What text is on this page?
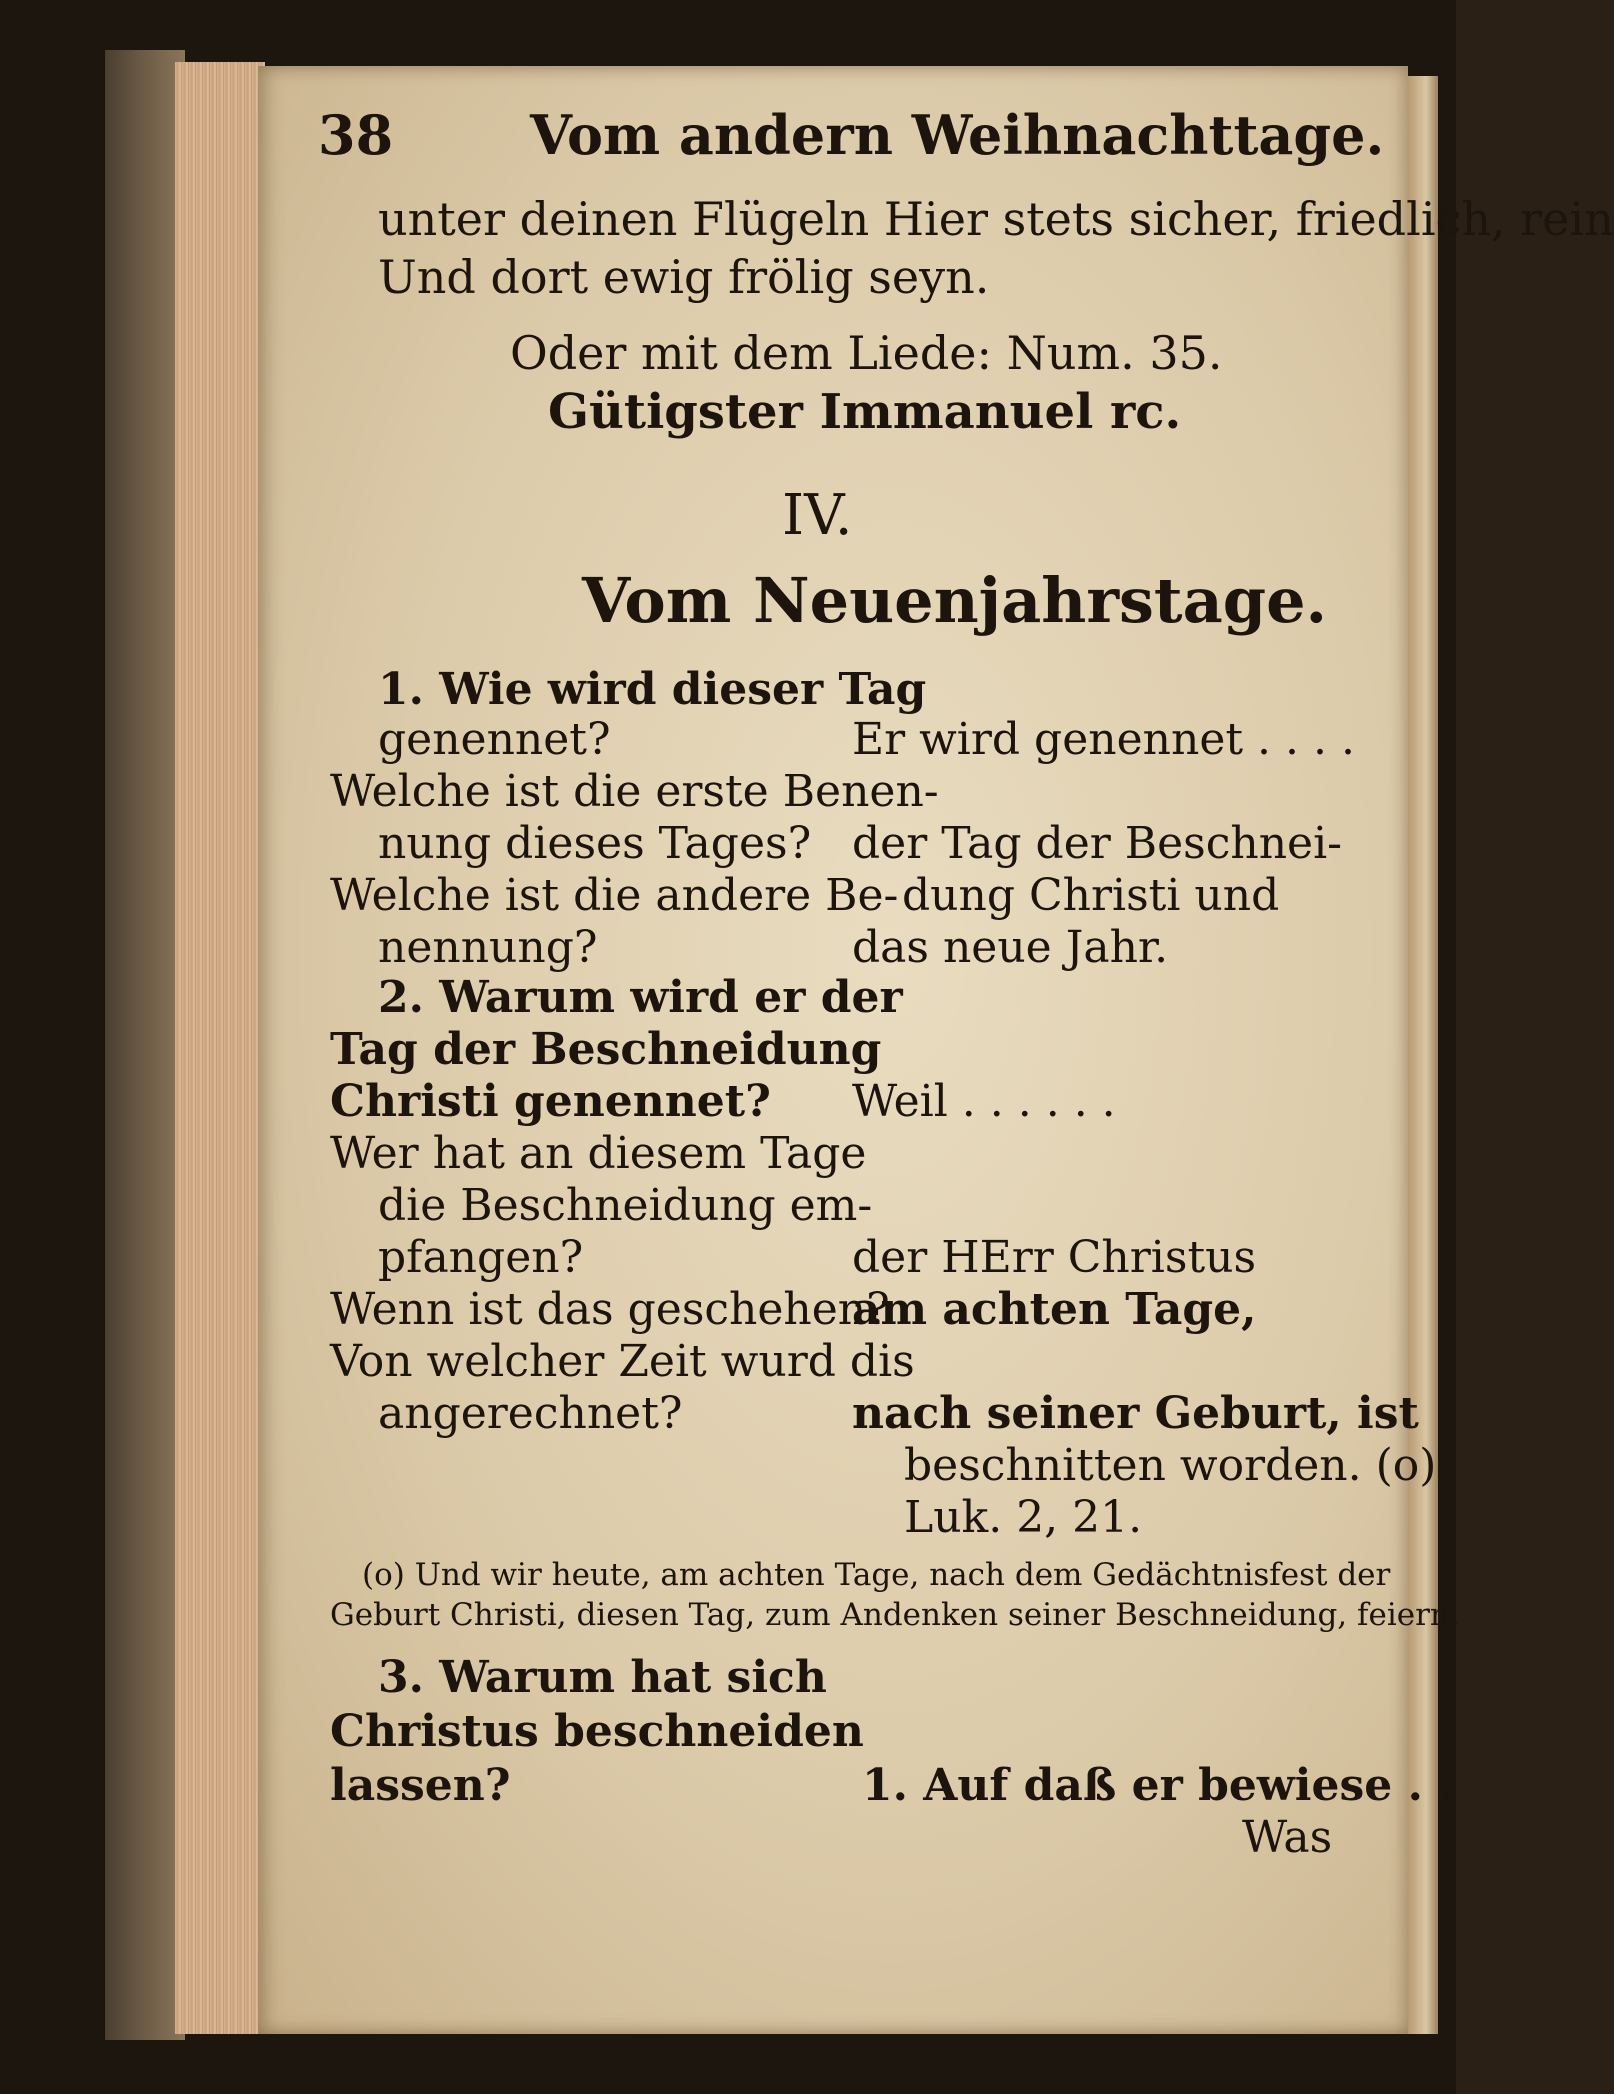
38	Vom andern Weihnachttage.
unter deinen Flügeln Hier stets sicher, friedlich, rein
Und dort ewig frölig seyn.
Oder mit dem Liede: Num. 35.
Gütigster Immanuel rc.
IV.
Vom Neuenjahrstage.
1. Wie wird dieser Tag
genennet?
Welche ist die erste Benen-
nung dieses Tages?
Welche ist die andere Be-
nennung?
2. Warum wird er der
Tag der Beschneidung
Christi genennet?
Wer hat an diesem Tage
die Beschneidung em-
pfangen?
Wenn ist das geschehen?
Von welcher Zeit wurd dis
angerechnet?
Er wird genennet . . . .
der Tag der Beschnei-
dung Christi und
das neue Jahr.
Weil . . . . . .
der HErr Christus
am achten Tage,
nach seiner Geburt, ist
beschnitten worden. (o)
Luk. 2, 21.
(o) Und wir heute, am achten Tage, nach dem Gedächtnisfest der
Geburt Christi, diesen Tag, zum Andenken seiner Beschneidung, feiern.
3. Warum hat sich
Christus beschneiden
lassen?	1. Auf daß er bewiese . .
Was
